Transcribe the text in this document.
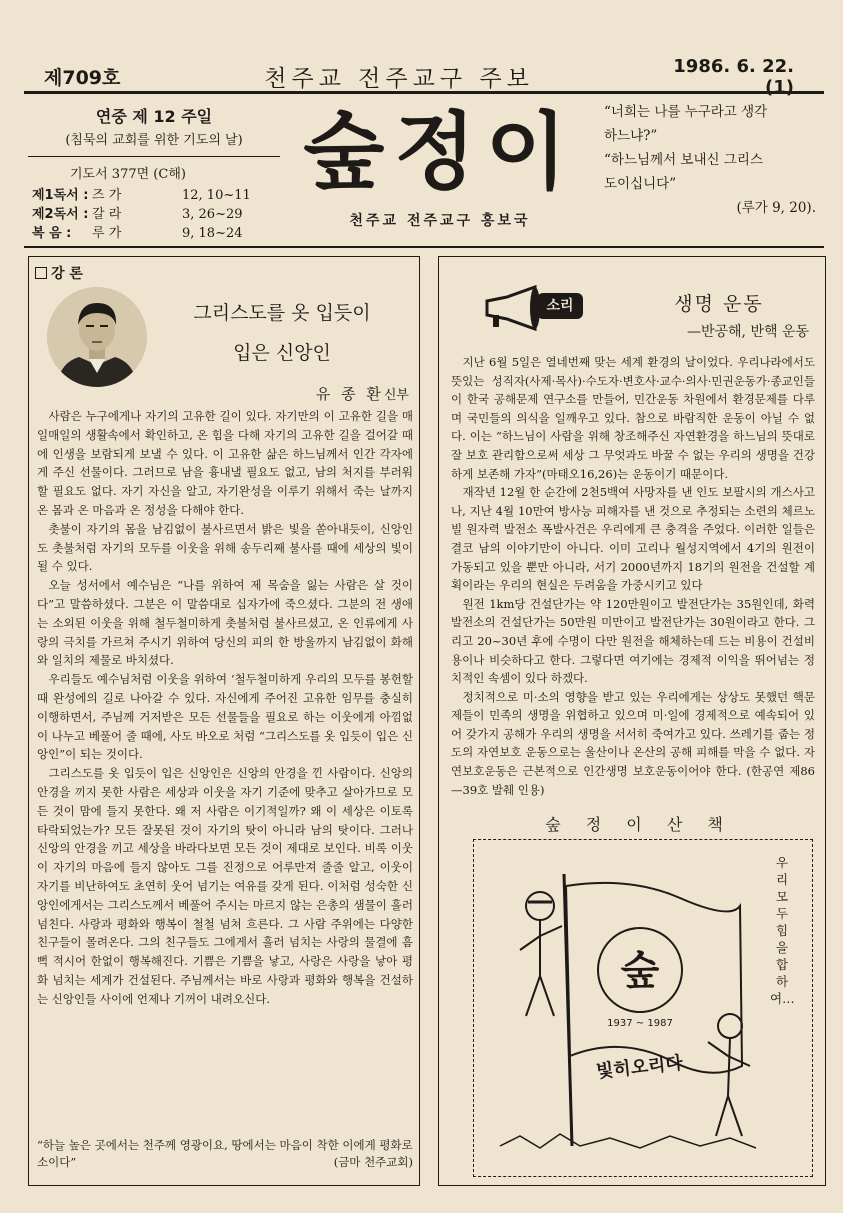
제709호	천주교 전주교구 주보	1986. 6. 22.    (1)
연중 제 12 주일
(침묵의 교회를 위한 기도의 날)
기도서 377면 (C해)
제1독서 : 즈 가	12, 10~11
제2독서 : 갈 라	3, 26~29
복 음 :	루 가	9, 18~24
숲정이
천주교 전주교구 홍보국
“너희는 나를 누구라고 생각
하느냐?”
“하느님께서 보내신 그리스
도이십니다”
(루가 9, 20).
강 론
그리스도를 옷 입듯이
입은 신앙인
유 종 환신부

사람은 누구에게나 자기의 고유한 길이 있다. 자기만의 이 고유한 길을 매일매일의 생활속에서 확인하고, 온 힘을 다해 자기의 고유한 길을 걸어갈 때에 인생을 보람되게 보낼 수 있다. 이 고유한 삶은 하느님께서 인간 각자에게 주신 선물이다. 그러므로 남을 흉내낼 필요도 없고, 남의 처지를 부러워할 필요도 없다. 자기 자신을 알고, 자기완성을 이루기 위해서 죽는 날까지 온 몸과 온 마음과 온 정성을 다해야 한다.

촛불이 자기의 몸을 남김없이 불사르면서 밝은 빛을 쏟아내듯이, 신앙인도 촛불처럼 자기의 모두를 이웃을 위해 송두리째 불사를 때에 세상의 빛이 될 수 있다.

오늘 성서에서 예수님은 “나를 위하여 제 목숨을 잃는 사람은 살 것이다”고 말씀하셨다. 그분은 이 말씀대로 십자가에 죽으셨다. 그분의 전 생애는 소외된 이웃을 위해 철두철미하게 촛불처럼 불사르셨고, 온 인류에게 사랑의 극치를 가르쳐 주시기 위하여 당신의 피의 한 방울까지 남김없이 화해와 일치의 제물로 바치셨다.

우리들도 예수님처럼 이웃을 위하여 ‘철두철미하게 우리의 모두를 봉헌할 때 완성에의 길로 나아갈 수 있다. 자신에게 주어진 고유한 임무를 충실히 이행하면서, 주님께 거저받은 모든 선물들을 필요로 하는 이웃에게 아낌없이 나누고 베풀어 줄 때에, 사도 바오로 처럼 “그리스도를 옷 입듯이 입은 신앙인”이 되는 것이다.

그리스도를 옷 입듯이 입은 신앙인은 신앙의 안경을 낀 사람이다. 신앙의 안경을 끼지 못한 사람은 세상과 이웃을 자기 기준에 맞추고 살아가므로 모든 것이 맘에 들지 못한다. 왜 저 사람은 이기적일까? 왜 이 세상은 이토록 타락되었는가? 모든 잘못된 것이 자기의 탓이 아니라 남의 탓이다. 그러나 신앙의 안경을 끼고 세상을 바라다보면 모든 것이 제대로 보인다. 비록 이웃이 자기의 마음에 들지 않아도 그를 진정으로 어루만져 줄줄 알고, 이웃이 자기를 비난하여도 초연히 웃어 넘기는 여유를 갖게 된다. 이처럼 성숙한 신앙인에게서는 그리스도께서 베풀어 주시는 마르지 않는 은총의 샘물이 흘러 넘친다. 사랑과 평화와 행복이 철철 넘쳐 흐른다. 그 사람 주위에는 다양한 친구들이 몰려온다. 그의 친구들도 그에게서 흘러 넘치는 사랑의 물결에 흠뻑 적시어 한없이 행복해진다. 기쁨은 기쁨을 낳고, 사랑은 사랑을 낳아 평화 넘치는 세계가 건설된다. 주님께서는 바로 사랑과 평화와 행복을 건설하는 신앙인들 사이에 언제나 기꺼이 내려오신다.

“하늘 높은 곳에서는 천주께 영광이요, 땅에서는 마음이 착한 이에게 평화로소이다”	(금마 천주교회)
소리	생명 운동
—반공해, 반핵 운동

지난 6월 5일은 열네번째 맞는 세계 환경의 날이었다. 우리나라에서도 뜻있는 성직자(사제·목사)·수도자·변호사·교수·의사·민권운동가·종교인들이 한국 공해문제 연구소를 만들어, 민간운동 차원에서 환경문제를 다루며 국민들의 의식을 일깨우고 있다. 참으로 바람직한 운동이 아닐 수 없다. 이는 “하느님이 사람을 위해 창조해주신 자연환경을 하느님의 뜻대로 잘 보호 관리함으로써 세상 그 무엇과도 바꿀 수 없는 우리의 생명을 건강하게 보존해 가자”(마태오16,26)는 운동이기 때문이다.

재작년 12월 한 순간에 2천5백여 사망자를 낸 인도 보팔시의 개스사고나, 지난 4월 10만여 방사능 피해자를 낸 것으로 추정되는 소련의 체르노빌 원자력 발전소 폭발사건은 우리에게 큰 충격을 주었다. 이러한 일들은 결코 남의 이야기만이 아니다. 이미 고리나 월성지역에서 4기의 원전이 가동되고 있을 뿐만 아니라, 서기 2000년까지 18기의 원전을 건설할 계획이라는 우리의 현실은 두려움을 가중시키고 있다

원전 1km당 건설단가는 약 120만원이고 발전단가는 35원인데, 화력발전소의 건설단가는 50만원 미만이고 발전단가는 30원이라고 한다. 그리고 20~30년 후에 수명이 다만 원전을 해체하는데 드는 비용이 건설비용이나 비슷하다고 한다. 그렇다면 여기에는 경제적 이익을 뛰어넘는 정치적인 속셈이 있다 하겠다.

정치적으로 미·소의 영향을 받고 있는 우리에게는 상상도 못했던 핵문제들이 민족의 생명을 위협하고 있으며 미·일에 경제적으로 예속되어 있어 갖가지 공해가 우리의 생명을 서서히 죽여가고 있다. 쓰레기를 줍는 정도의 자연보호 운동으로는 울산이나 온산의 공해 피해를 막을 수 없다. 자연보호운동은 근본적으로 인간생명 보호운동이어야 한다. (한공연 제86—39호 발췌 인용)

숲 정 이 산 책
숲
빛히오리다
1937 ~ 1987
우리 모두 힘을 합하여…
